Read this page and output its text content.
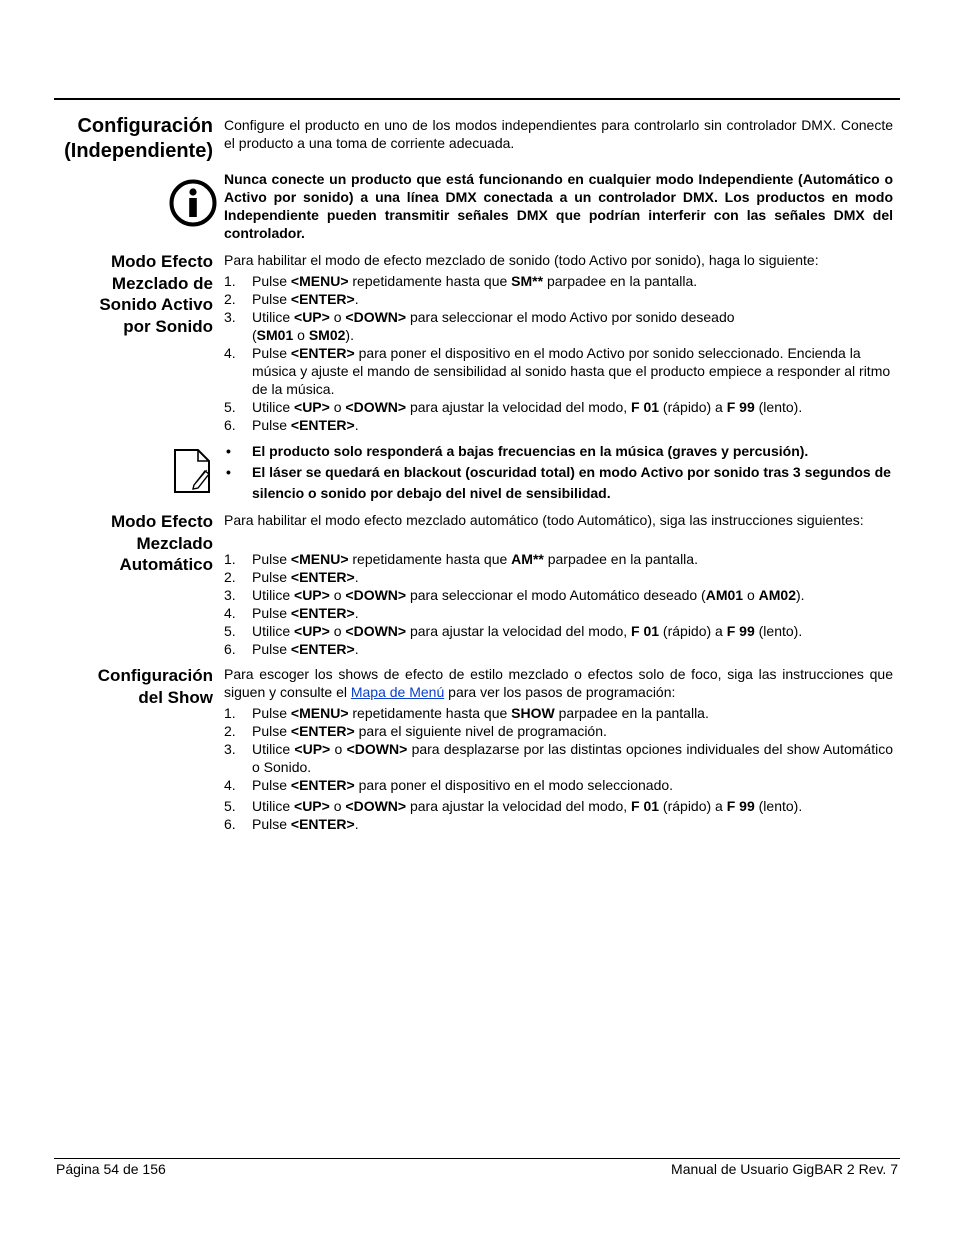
Configuración
(Independiente)
Configure el producto en uno de los modos independientes para controlarlo sin controlador DMX. Conecte el producto a una toma de corriente adecuada.
Nunca conecte un producto que está funcionando en cualquier modo Independiente (Automático o Activo por sonido) a una línea DMX conectada a un controlador DMX. Los productos en modo Independiente pueden transmitir señales DMX que podrían interferir con las señales DMX del controlador.
Modo Efecto
Mezclado de
Sonido Activo
por Sonido
Para habilitar el modo de efecto mezclado de sonido (todo Activo por sonido), haga lo siguiente:
1. Pulse <MENU> repetidamente hasta que SM** parpadee en la pantalla.
2. Pulse <ENTER>.
3. Utilice <UP> o <DOWN> para seleccionar el modo Activo por sonido deseado
(SM01 o SM02).
4. Pulse <ENTER> para poner el dispositivo en el modo Activo por sonido seleccionado. Encienda la música y ajuste el mando de sensibilidad al sonido hasta que el producto empiece a responder al ritmo de la música.
5. Utilice <UP> o <DOWN> para ajustar la velocidad del modo, F 01 (rápido) a F 99 (lento).
6. Pulse <ENTER>.
• El producto solo responderá a bajas frecuencias en la música (graves y percusión).
• El láser se quedará en blackout (oscuridad total) en modo Activo por sonido tras 3 segundos de silencio o sonido por debajo del nivel de sensibilidad.
Modo Efecto
Mezclado
Automático
Para habilitar el modo efecto mezclado automático (todo Automático), siga las instrucciones siguientes:
1. Pulse <MENU> repetidamente hasta que AM** parpadee en la pantalla.
2. Pulse <ENTER>.
3. Utilice <UP> o <DOWN> para seleccionar el modo Automático deseado (AM01 o AM02).
4. Pulse <ENTER>.
5. Utilice <UP> o <DOWN> para ajustar la velocidad del modo, F 01 (rápido) a F 99 (lento).
6. Pulse <ENTER>.
Configuración
del Show
Para escoger los shows de efecto de estilo mezclado o efectos solo de foco, siga las instrucciones que siguen y consulte el Mapa de Menú para ver los pasos de programación:
1. Pulse <MENU> repetidamente hasta que SHOW parpadee en la pantalla.
2. Pulse <ENTER> para el siguiente nivel de programación.
3. Utilice <UP> o <DOWN> para desplazarse por las distintas opciones individuales del show Automático o Sonido.
4. Pulse <ENTER> para poner el dispositivo en el modo seleccionado.
5. Utilice <UP> o <DOWN> para ajustar la velocidad del modo, F 01 (rápido) a F 99 (lento).
6. Pulse <ENTER>.
Página 54 de 156	Manual de Usuario GigBAR 2 Rev. 7
